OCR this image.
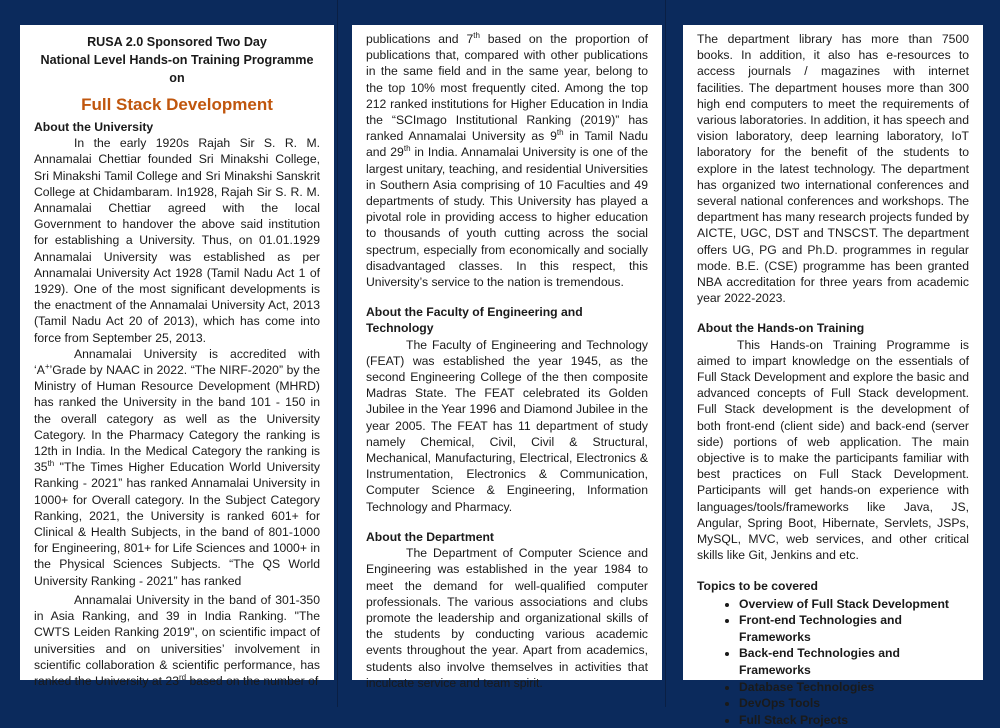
RUSA 2.0 Sponsored Two Day
National Level Hands-on Training Programme
on
Full Stack Development
About the University

In the early 1920s Rajah Sir S. R. M. Annamalai Chettiar founded Sri Minakshi College, Sri Minakshi Tamil College and Sri Minakshi Sanskrit College at Chidambaram. In1928, Rajah Sir S. R. M. Annamalai Chettiar agreed with the local Government to handover the above said institution for establishing a University. Thus, on 01.01.1929 Annamalai University was established as per Annamalai University Act 1928 (Tamil Nadu Act 1 of 1929). One of the most significant developments is the enactment of the Annamalai University Act, 2013 (Tamil Nadu Act 20 of 2013), which has come into force from September 25, 2013.

Annamalai University is accredited with ‘A+’Grade by NAAC in 2022. “The NIRF-2020” by the Ministry of Human Resource Development (MHRD) has ranked the University in the band 101 - 150 in the overall category as well as the University Category. In the Pharmacy Category the ranking is 12th in India. In the Medical Category the ranking is 35th "The Times Higher Education World University Ranking - 2021” has ranked Annamalai University in 1000+ for Overall category. In the Subject Category Ranking, 2021, the University is ranked 601+ for Clinical & Health Subjects, in the band of 801-1000 for Engineering, 801+ for Life Sciences and 1000+ in the Physical Sciences Subjects. “The QS World University Ranking - 2021” has ranked

Annamalai University in the band of 301-350 in Asia Ranking, and 39 in India Ranking. "The CWTS Leiden Ranking 2019", on scientific impact of universities and on universities’ involvement in scientific collaboration & scientific performance, has ranked the University at 23rd based on the number of

publications and 7th based on the proportion of publications that, compared with other publications in the same field and in the same year, belong to the top 10% most frequently cited. Among the top 212 ranked institutions for Higher Education in India the “SCImago Institutional Ranking (2019)” has ranked Annamalai University as 9th in Tamil Nadu and 29th in India. Annamalai University is one of the largest unitary, teaching, and residential Universities in Southern Asia comprising of 10 Faculties and 49 departments of study. This University has played a pivotal role in providing access to higher education to thousands of youth cutting across the social spectrum, especially from economically and socially disadvantaged classes. In this respect, this University’s service to the nation is tremendous.

About the Faculty of Engineering and Technology

The Faculty of Engineering and Technology (FEAT) was established the year 1945, as the second Engineering College of the then composite Madras State. The FEAT celebrated its Golden Jubilee in the Year 1996 and Diamond Jubilee in the year 2005. The FEAT has 11 department of study namely Chemical, Civil, Civil & Structural, Mechanical, Manufacturing, Electrical, Electronics & Instrumentation, Electronics & Communication, Computer Science & Engineering, Information Technology and Pharmacy.

About the Department

The Department of Computer Science and Engineering was established in the year 1984 to meet the demand for well-qualified computer professionals. The various associations and clubs promote the leadership and organizational skills of the students by conducting various academic events throughout the year. Apart from academics, students also involve themselves in activities that inculcate service and team spirit.

The department library has more than 7500 books. In addition, it also has e-resources to access journals / magazines with internet facilities. The department houses more than 300 high end computers to meet the requirements of various laboratories. In addition, it has speech and vision laboratory, deep learning laboratory, IoT laboratory for the benefit of the students to explore in the latest technology. The department has organized two international conferences and several national conferences and workshops. The department has many research projects funded by AICTE, UGC, DST and TNSCST. The department offers UG, PG and Ph.D. programmes in regular mode. B.E. (CSE) programme has been granted NBA accreditation for three years from academic year 2022-2023.

About the Hands-on Training

This Hands-on Training Programme is aimed to impart knowledge on the essentials of Full Stack Development and explore the basic and advanced concepts of Full Stack development. Full Stack development is the development of both front-end (client side) and back-end (server side) portions of web application. The main objective is to make the participants familiar with best practices on Full Stack Development. Participants will get hands-on experience with languages/tools/frameworks like Java, JS, Angular, Spring Boot, Hibernate, Servlets, JSPs, MySQL, MVC, web services, and other critical skills like Git, Jenkins and etc.

Topics to be covered
• Overview of Full Stack Development
• Front-end Technologies and Frameworks
• Back-end Technologies and Frameworks
• Database Technologies
• DevOps Tools
• Full Stack Projects
